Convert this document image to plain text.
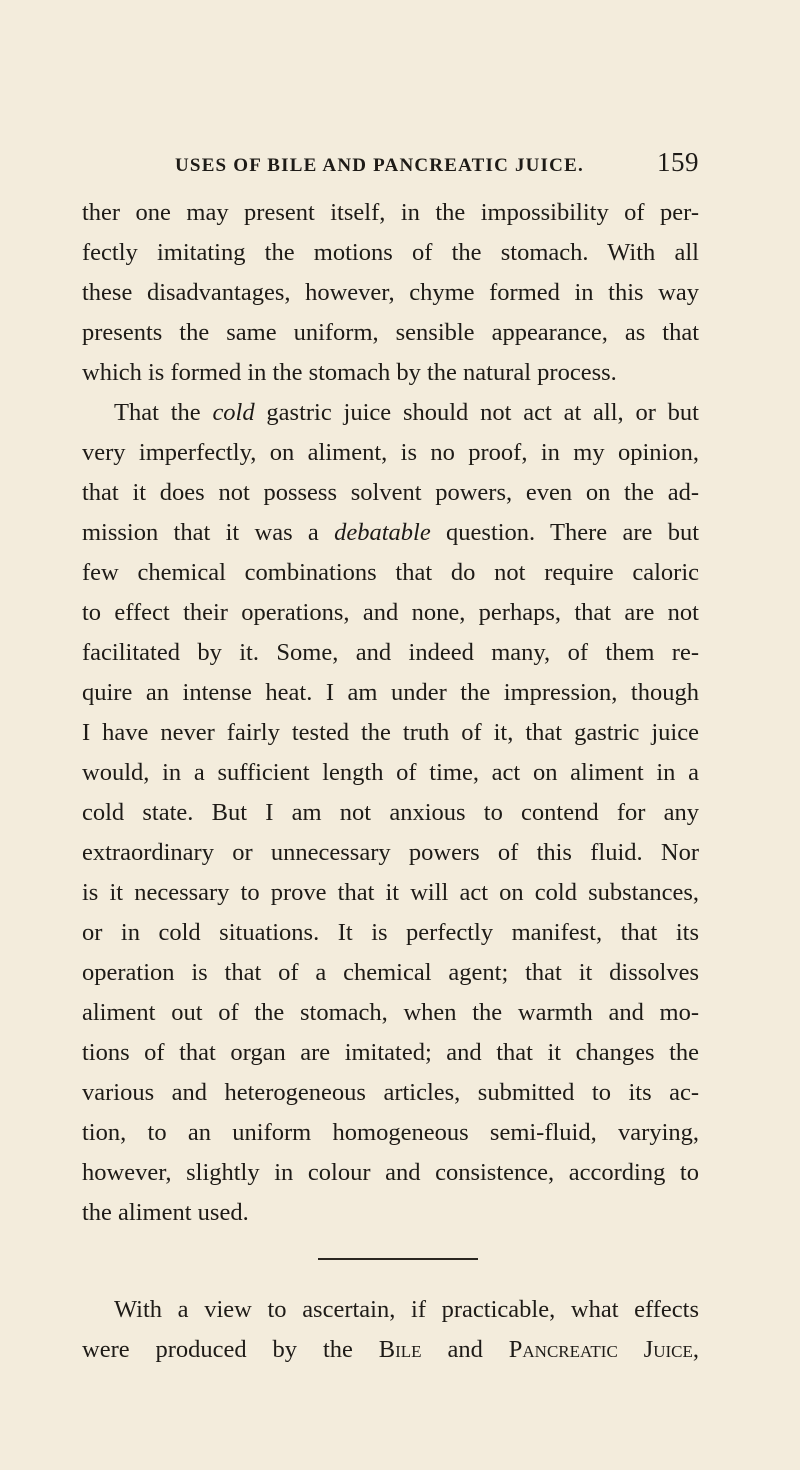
USES OF BILE AND PANCREATIC JUICE.	159
ther one may present itself, in the impossibility of per-
fectly imitating the motions of the stomach. With all
these disadvantages, however, chyme formed in this way
presents the same uniform, sensible appearance, as that
which is formed in the stomach by the natural process.
That the cold gastric juice should not act at all, or but
very imperfectly, on aliment, is no proof, in my opinion,
that it does not possess solvent powers, even on the ad-
mission that it was a debatable question. There are but
few chemical combinations that do not require caloric
to effect their operations, and none, perhaps, that are not
facilitated by it. Some, and indeed many, of them re-
quire an intense heat. I am under the impression, though
I have never fairly tested the truth of it, that gastric juice
would, in a sufficient length of time, act on aliment in a
cold state. But I am not anxious to contend for any
extraordinary or unnecessary powers of this fluid. Nor
is it necessary to prove that it will act on cold substances,
or in cold situations. It is perfectly manifest, that its
operation is that of a chemical agent; that it dissolves
aliment out of the stomach, when the warmth and mo-
tions of that organ are imitated; and that it changes the
various and heterogeneous articles, submitted to its ac-
tion, to an uniform homogeneous semi-fluid, varying,
however, slightly in colour and consistence, according to
the aliment used.
With a view to ascertain, if practicable, what effects
were produced by the Bile and Pancreatic Juice,
